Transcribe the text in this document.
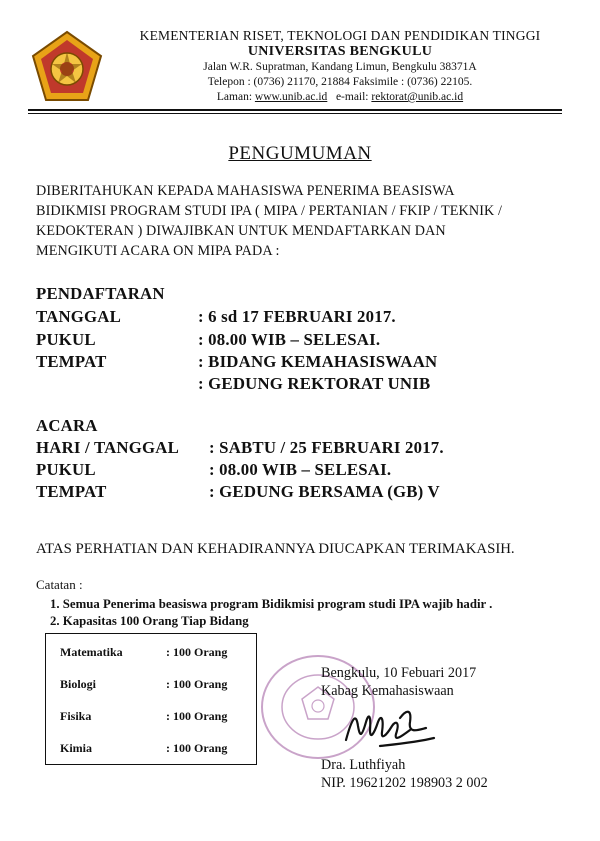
KEMENTERIAN RISET, TEKNOLOGI DAN PENDIDIKAN TINGGI
UNIVERSITAS BENGKULU
Jalan W.R. Supratman, Kandang Limun, Bengkulu 38371A
Telepon : (0736) 21170, 21884 Faksimile : (0736) 22105.
Laman: www.unib.ac.id e-mail: rektorat@unib.ac.id
PENGUMUMAN
DIBERITAHUKAN KEPADA MAHASISWA PENERIMA BEASISWA
BIDIKMISI PROGRAM STUDI IPA ( MIPA / PERTANIAN / FKIP / TEKNIK /
KEDOKTERAN ) DIWAJIBKAN UNTUK MENDAFTARKAN DAN
MENGIKUTI ACARA ON MIPA PADA :
PENDAFTARAN
TANGGAL	: 6 sd 17 FEBRUARI 2017.
PUKUL	: 08.00 WIB – SELESAI.
TEMPAT	: BIDANG KEMAHASISWAAN
: GEDUNG REKTORAT UNIB
ACARA
HARI / TANGGAL : SABTU / 25 FEBRUARI 2017.
PUKUL	: 08.00 WIB – SELESAI.
TEMPAT	: GEDUNG BERSAMA (GB) V
ATAS PERHATIAN DAN KEHADIRANNYA DIUCAPKAN TERIMAKASIH.
Catatan :
1. Semua Penerima beasiswa program Bidikmisi program studi IPA wajib hadir .
2. Kapasitas 100 Orang Tiap Bidang
Matematika	: 100 Orang
Biologi	: 100 Orang
Fisika	: 100 Orang
Kimia	: 100 Orang
Bengkulu, 10 Febuari 2017
Kabag Kemahasiswaan
Dra. Luthfiyah
NIP. 19621202 198903 2 002
